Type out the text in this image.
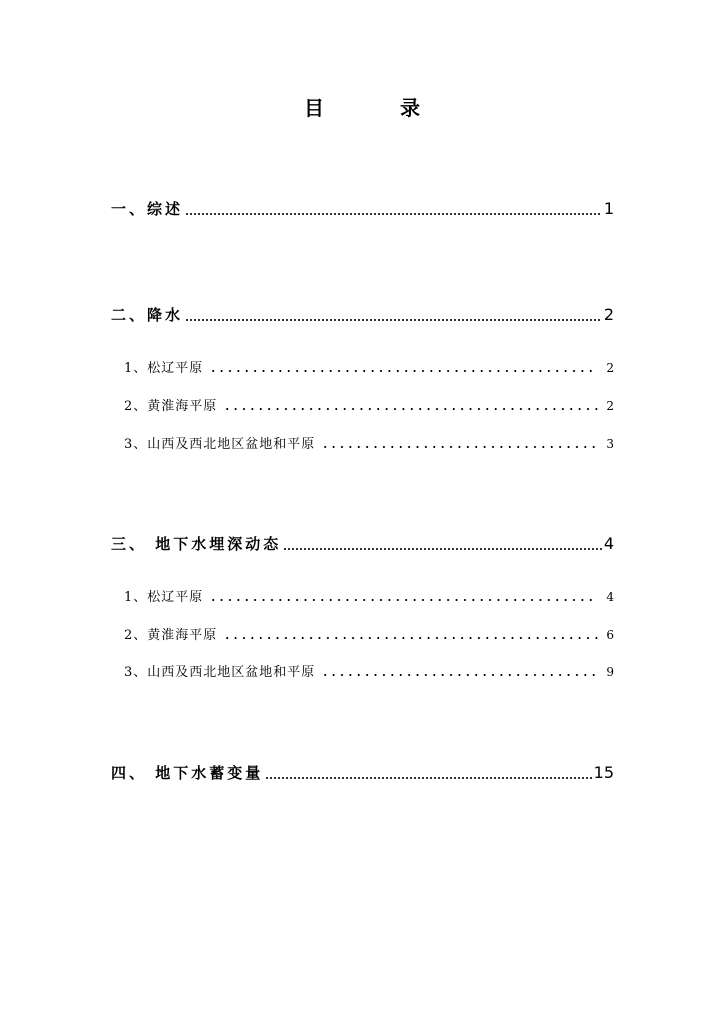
目　录
一、综述	1
二、降水	2
1、松辽平原	2
2、黄淮海平原	2
3、山西及西北地区盆地和平原	3
三、 地下水埋深动态	4
1、松辽平原	4
2、黄淮海平原	6
3、山西及西北地区盆地和平原	9
四、 地下水蓄变量	15
